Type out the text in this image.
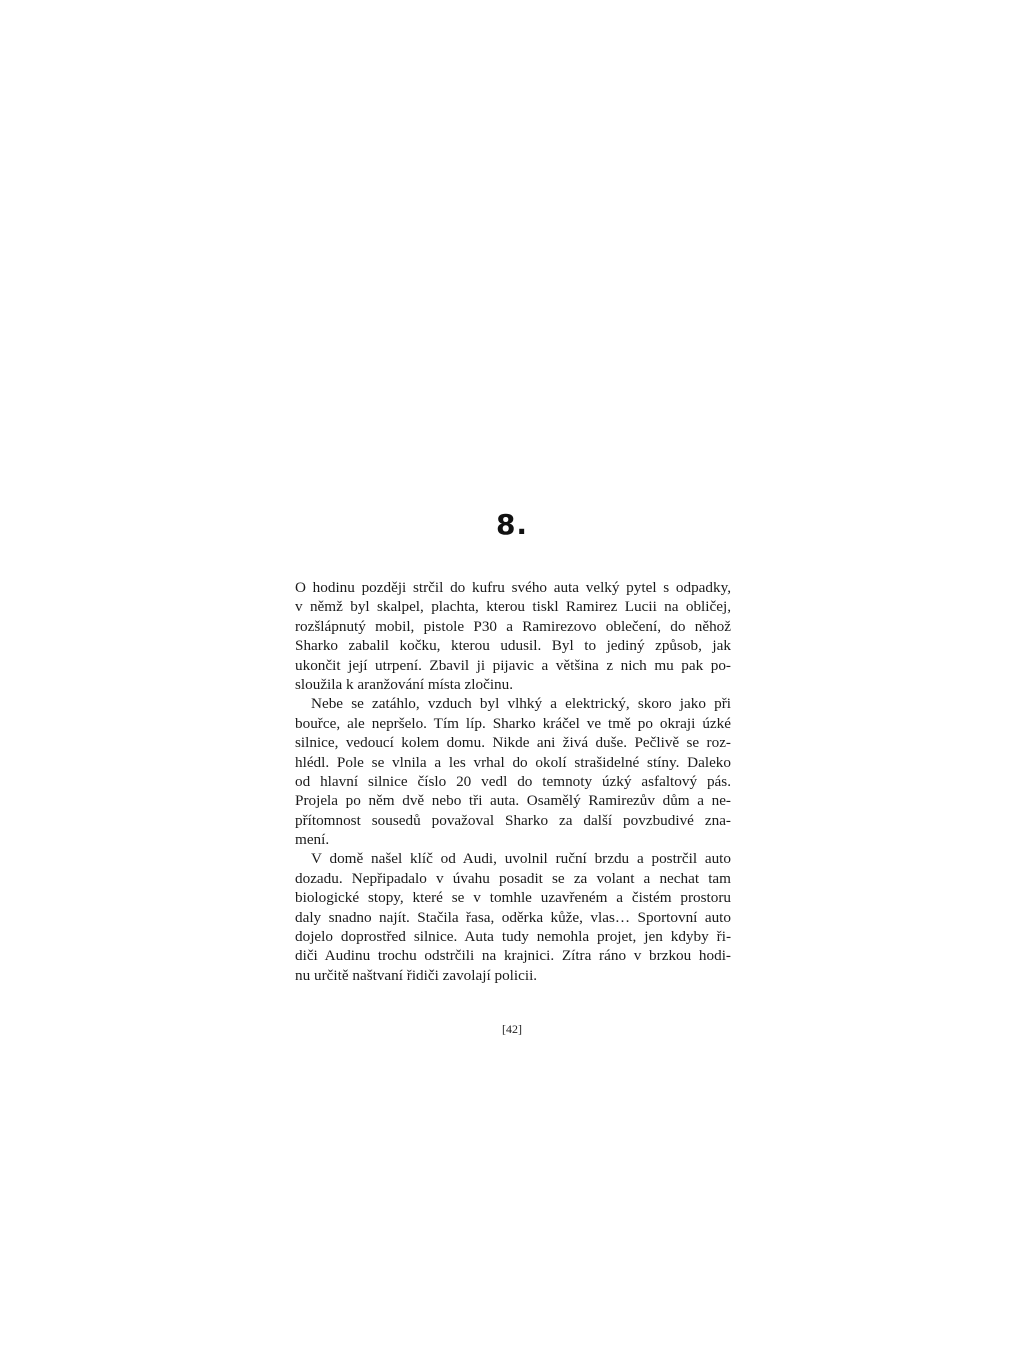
8.
O hodinu později strčil do kufru svého auta velký pytel s odpadky,
v němž byl skalpel, plachta, kterou tiskl Ramirez Lucii na obličej,
rozšlápnutý mobil, pistole P30 a Ramirezovo oblečení, do něhož
Sharko zabalil kočku, kterou udusil. Byl to jediný způsob, jak
ukončit její utrpení. Zbavil ji pijavic a většina z nich mu pak po-
sloužila k aranžování místa zločinu.
Nebe se zatáhlo, vzduch byl vlhký a elektrický, skoro jako při
bouřce, ale nepršelo. Tím líp. Sharko kráčel ve tmě po okraji úzké
silnice, vedoucí kolem domu. Nikde ani živá duše. Pečlivě se roz-
hlédl. Pole se vlnila a les vrhal do okolí strašidelné stíny. Daleko
od hlavní silnice číslo 20 vedl do temnoty úzký asfaltový pás.
Projela po něm dvě nebo tři auta. Osamělý Ramirezův dům a ne-
přítomnost sousedů považoval Sharko za další povzbudivé zna-
mení.
V domě našel klíč od Audi, uvolnil ruční brzdu a postrčil auto
dozadu. Nepřipadalo v úvahu posadit se za volant a nechat tam
biologické stopy, které se v tomhle uzavřeném a čistém prostoru
daly snadno najít. Stačila řasa, oděrka kůže, vlas… Sportovní auto
dojelo doprostřed silnice. Auta tudy nemohla projet, jen kdyby ři-
diči Audinu trochu odstrčili na krajnici. Zítra ráno v brzkou hodi-
nu určitě naštvaní řidiči zavolají policii.
[42]
